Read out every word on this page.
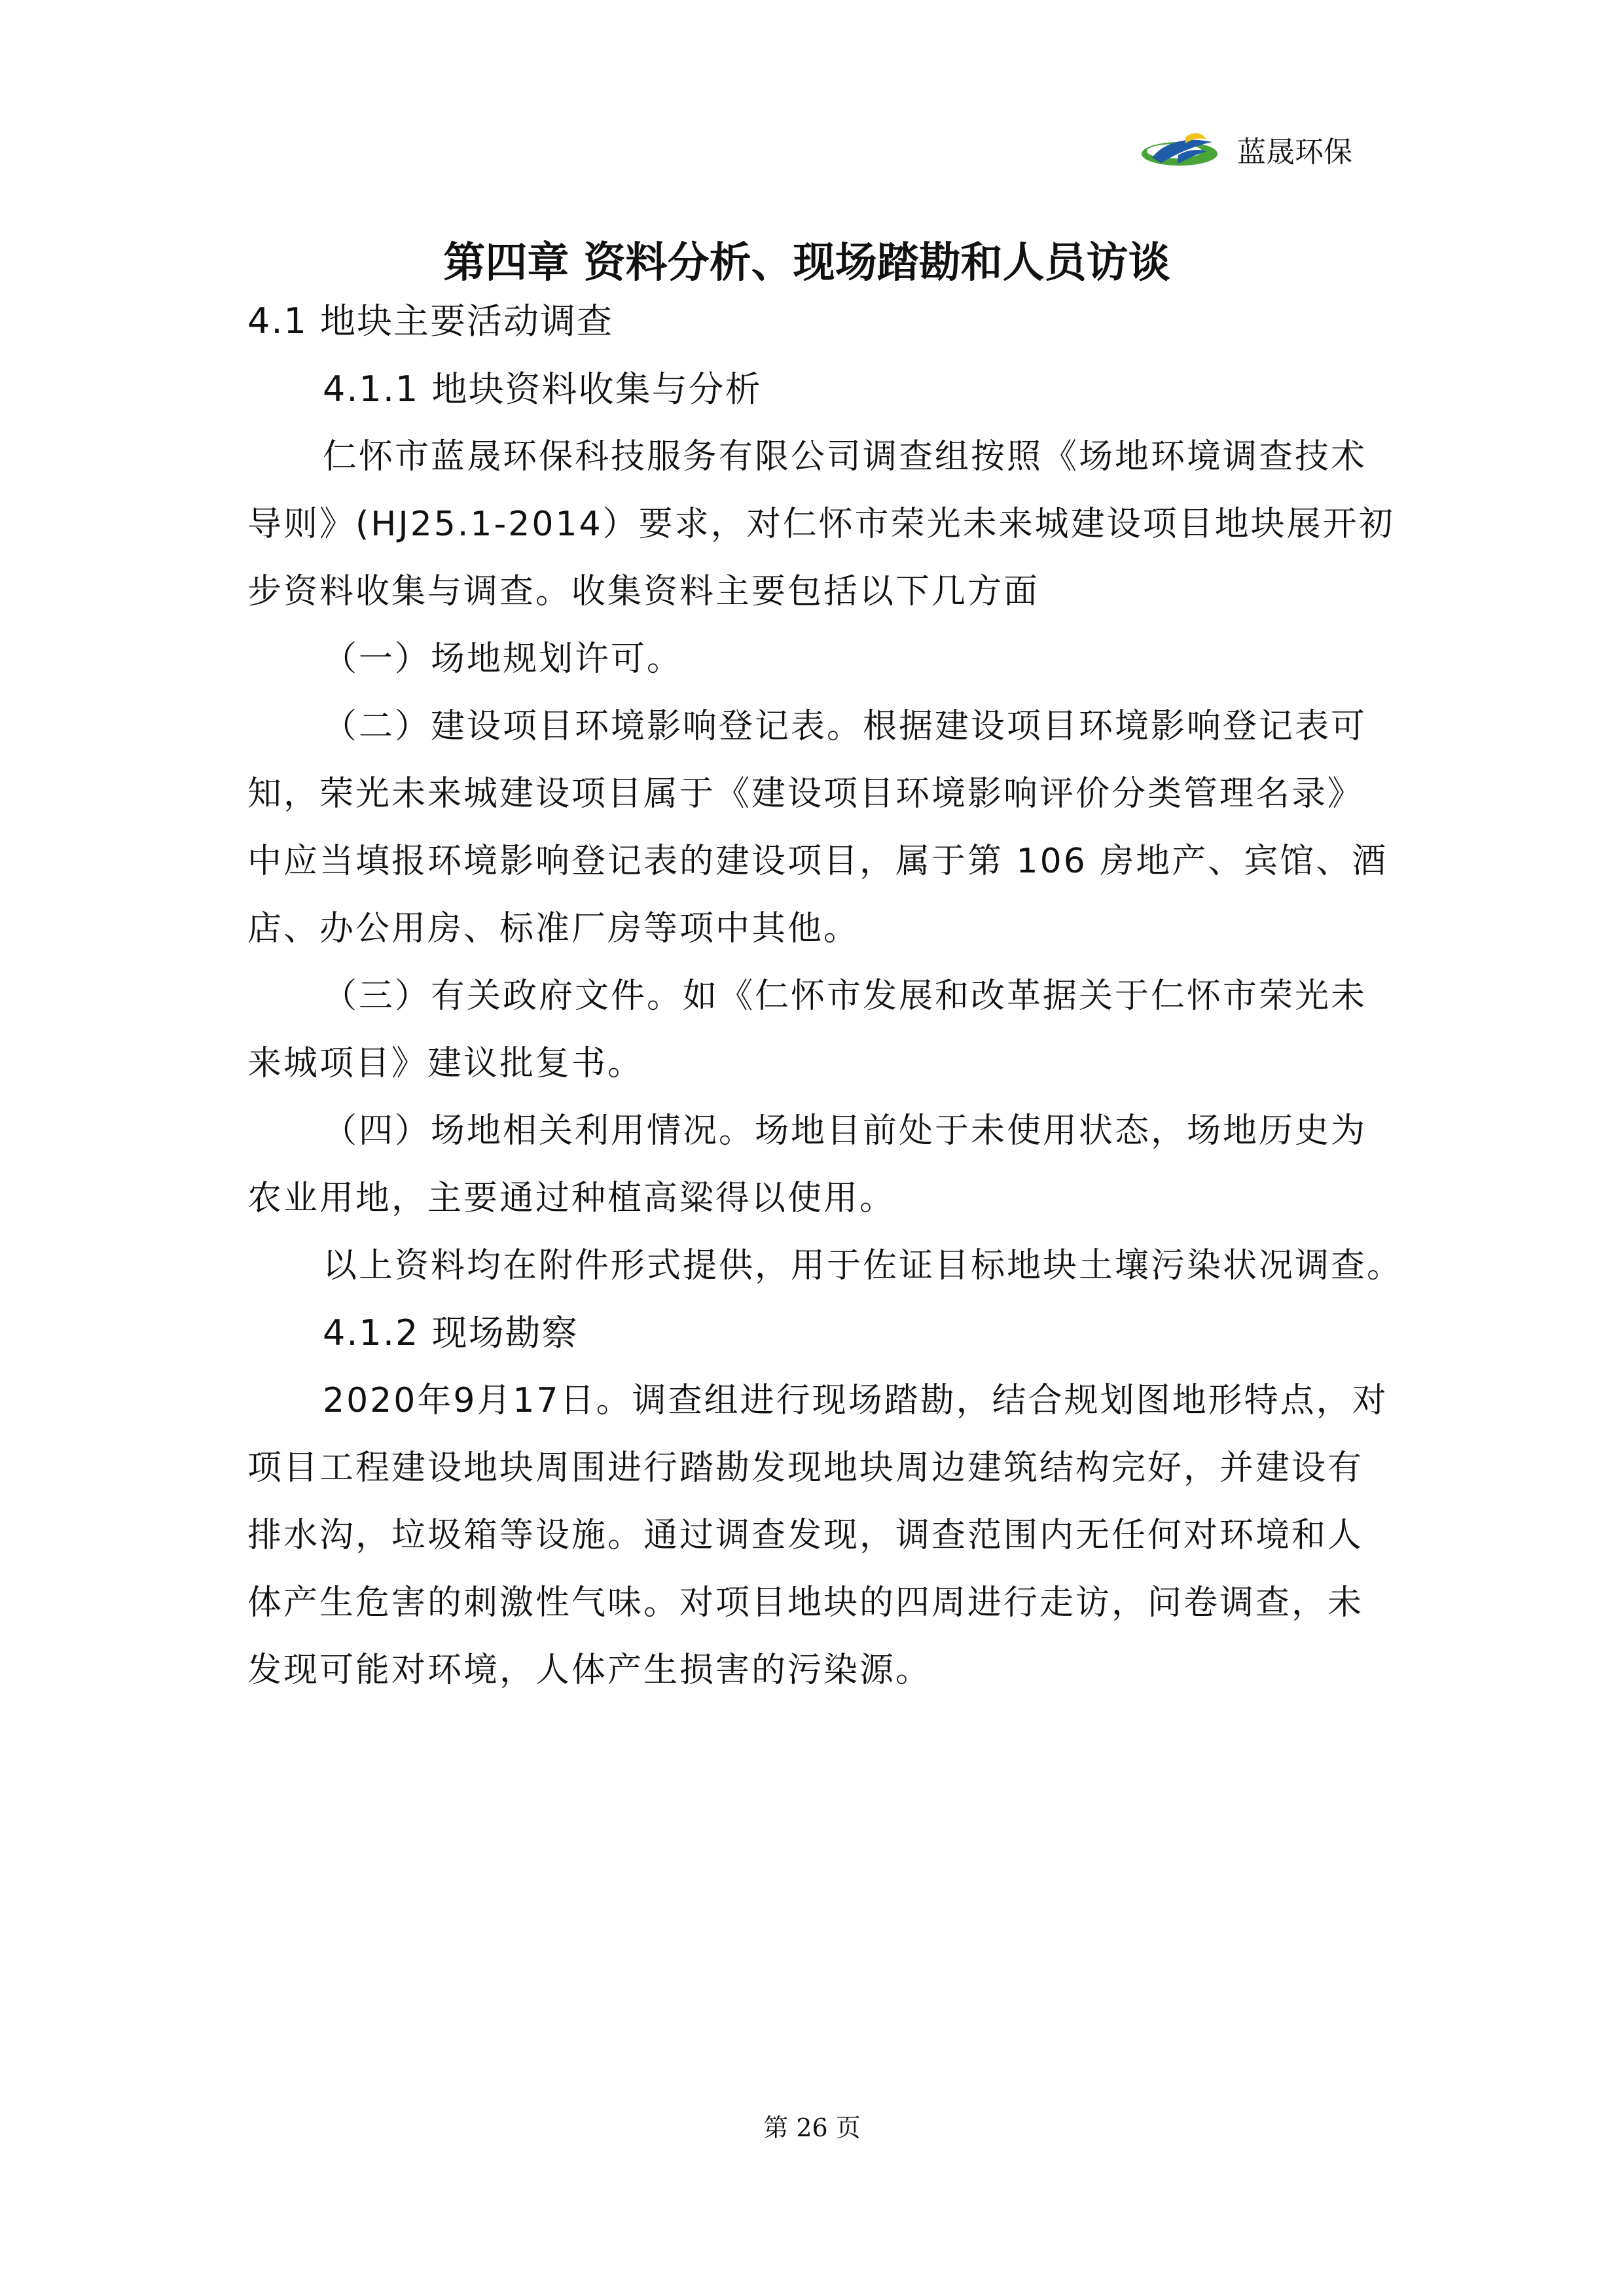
蓝晟环保
第四章 资料分析、现场踏勘和人员访谈
4.1 地块主要活动调查
4.1.1 地块资料收集与分析
仁怀市蓝晟环保科技服务有限公司调查组按照《场地环境调查技术
导则》(HJ25.1-2014）要求，对仁怀市荣光未来城建设项目地块展开初
步资料收集与调查。收集资料主要包括以下几方面
（一）场地规划许可。
（二）建设项目环境影响登记表。根据建设项目环境影响登记表可
知，荣光未来城建设项目属于《建设项目环境影响评价分类管理名录》
中应当填报环境影响登记表的建设项目，属于第 106 房地产、宾馆、酒
店、办公用房、标准厂房等项中其他。
（三）有关政府文件。如《仁怀市发展和改革据关于仁怀市荣光未
来城项目》建议批复书。
（四）场地相关利用情况。场地目前处于未使用状态，场地历史为
农业用地，主要通过种植高粱得以使用。
以上资料均在附件形式提供，用于佐证目标地块土壤污染状况调查。
4.1.2 现场勘察
2020年9月17日。调查组进行现场踏勘，结合规划图地形特点，对
项目工程建设地块周围进行踏勘发现地块周边建筑结构完好，并建设有
排水沟，垃圾箱等设施。通过调查发现，调查范围内无任何对环境和人
体产生危害的刺激性气味。对项目地块的四周进行走访，问卷调查，未
发现可能对环境，人体产生损害的污染源。
第 26 页
